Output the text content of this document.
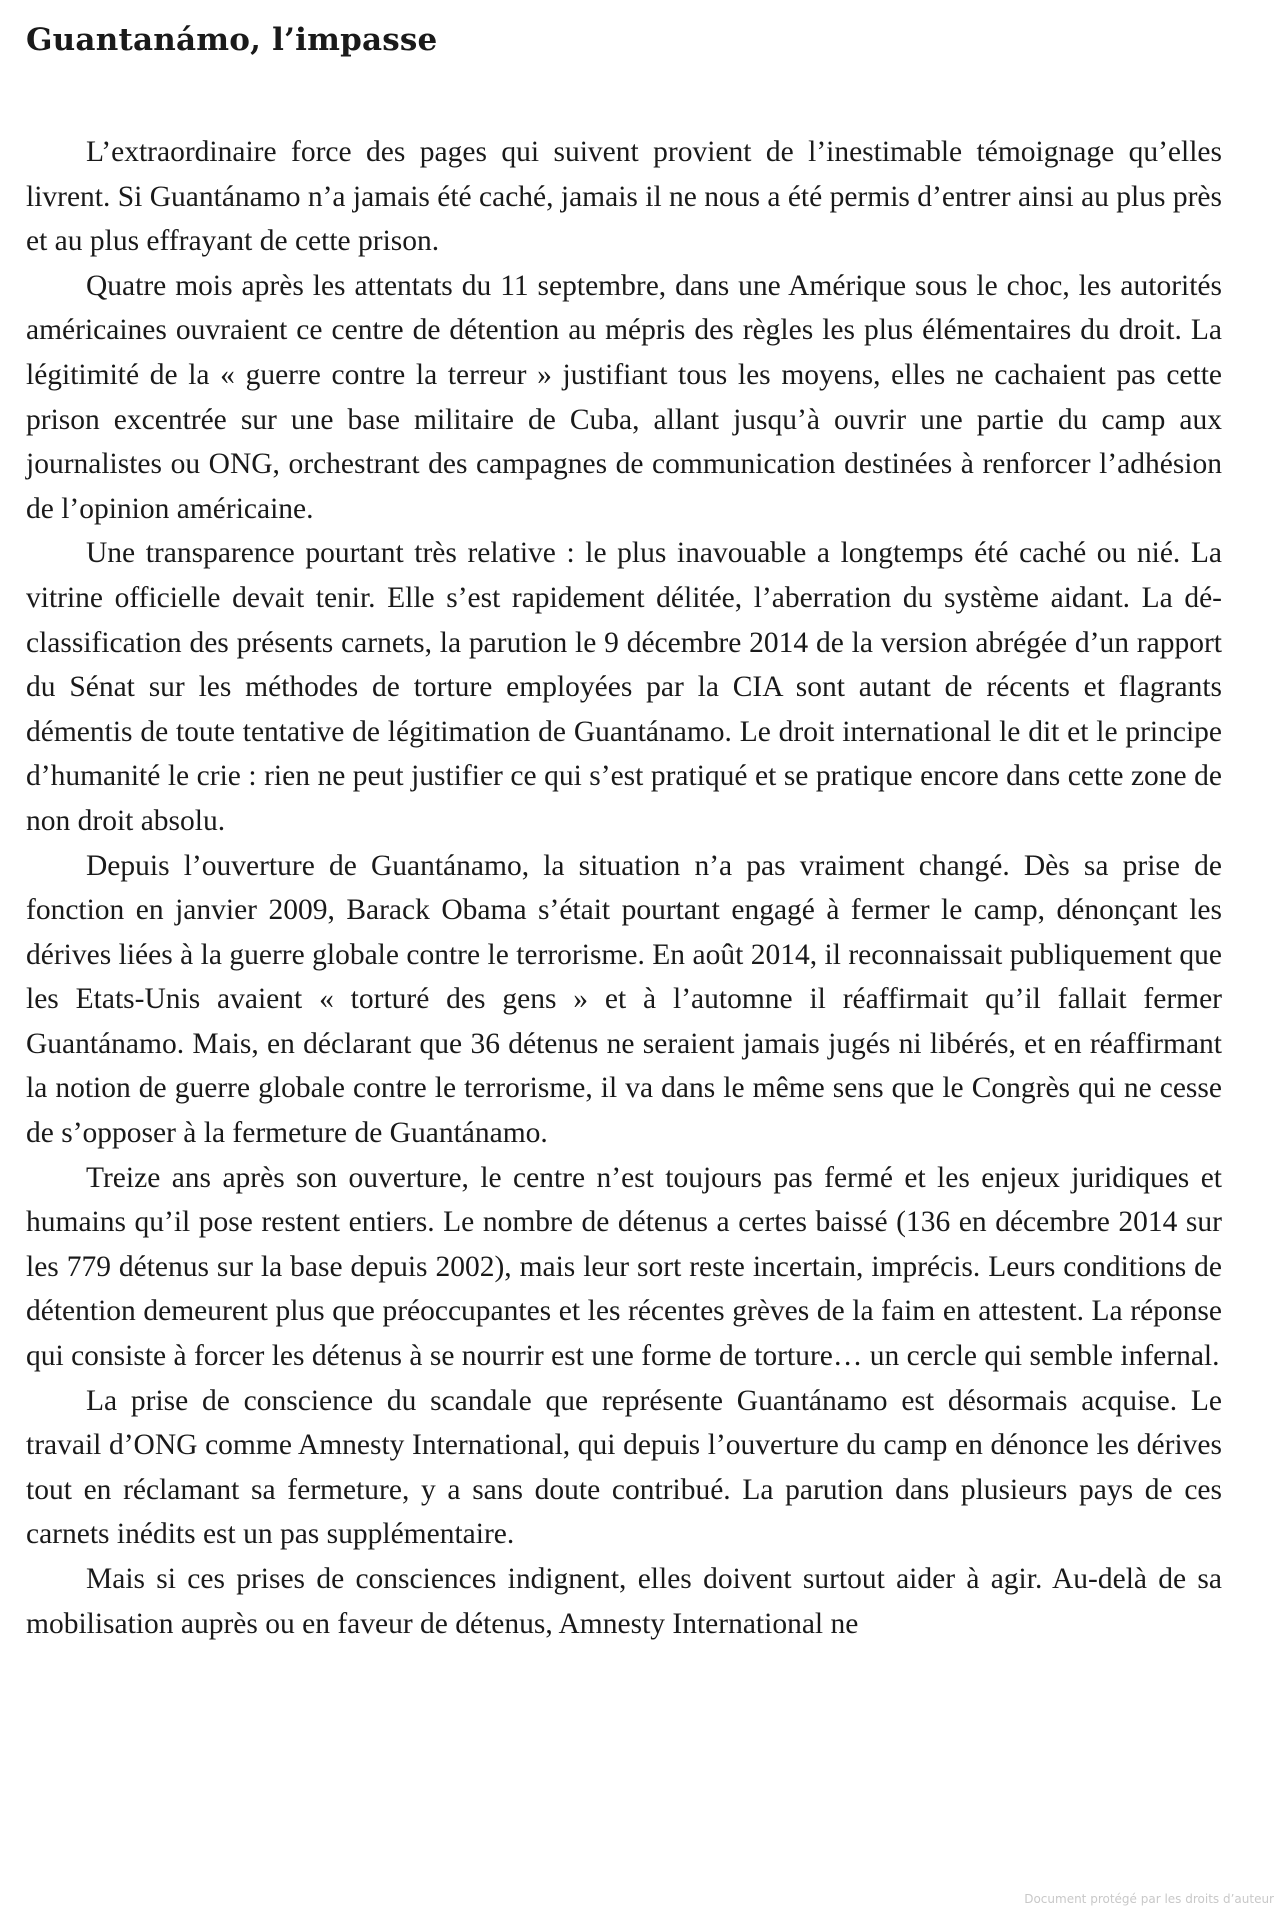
Guantanámo, l’impasse

L’extraordinaire force des pages qui suivent provient de l’inestimable témoignage qu’elles livrent. Si Guantánamo n’a jamais été caché, jamais il ne nous a été permis d’entrer ainsi au plus près et au plus effrayant de cette prison.

Quatre mois après les attentats du 11 septembre, dans une Amérique sous le choc, les autorités américaines ouvraient ce centre de détention au mépris des règles les plus élémentaires du droit. La légitimité de la « guerre contre la terreur » justifiant tous les moyens, elles ne cachaient pas cette prison excentrée sur une base militaire de Cuba, allant jusqu’à ouvrir une partie du camp aux journalistes ou ONG, orchestrant des campagnes de communication destinées à renforcer l’adhésion de l’opinion américaine.

Une transparence pourtant très relative : le plus inavouable a longtemps été caché ou nié. La vitrine officielle devait tenir. Elle s’est rapidement délitée, l’aberration du système aidant. La dé-classification des présents carnets, la parution le 9 décembre 2014 de la version abrégée d’un rapport du Sénat sur les méthodes de torture employées par la CIA sont autant de récents et flagrants démentis de toute tentative de légitimation de Guantánamo. Le droit international le dit et le principe d’humanité le crie : rien ne peut justifier ce qui s’est pratiqué et se pratique encore dans cette zone de non droit absolu.

Depuis l’ouverture de Guantánamo, la situation n’a pas vraiment changé. Dès sa prise de fonction en janvier 2009, Barack Obama s’était pourtant engagé à fermer le camp, dénonçant les dérives liées à la guerre globale contre le terrorisme. En août 2014, il reconnaissait publiquement que les Etats-Unis avaient « torturé des gens » et à l’automne il réaffirmait qu’il fallait fermer Guantánamo. Mais, en déclarant que 36 détenus ne seraient jamais jugés ni libérés, et en réaffirmant la notion de guerre globale contre le terrorisme, il va dans le même sens que le Congrès qui ne cesse de s’opposer à la fermeture de Guantánamo.

Treize ans après son ouverture, le centre n’est toujours pas fermé et les enjeux juridiques et humains qu’il pose restent entiers. Le nombre de détenus a certes baissé (136 en décembre 2014 sur les 779 détenus sur la base depuis 2002), mais leur sort reste incertain, imprécis. Leurs conditions de détention demeurent plus que préoccupantes et les récentes grèves de la faim en attestent. La réponse qui consiste à forcer les détenus à se nourrir est une forme de torture… un cercle qui semble infernal.

La prise de conscience du scandale que représente Guantánamo est désormais acquise. Le travail d’ONG comme Amnesty International, qui depuis l’ouverture du camp en dénonce les dérives tout en réclamant sa fermeture, y a sans doute contribué. La parution dans plusieurs pays de ces carnets inédits est un pas supplémentaire.

Mais si ces prises de consciences indignent, elles doivent surtout aider à agir. Au-delà de sa mobilisation auprès ou en faveur de détenus, Amnesty International ne

Document protégé par les droits d’auteur
